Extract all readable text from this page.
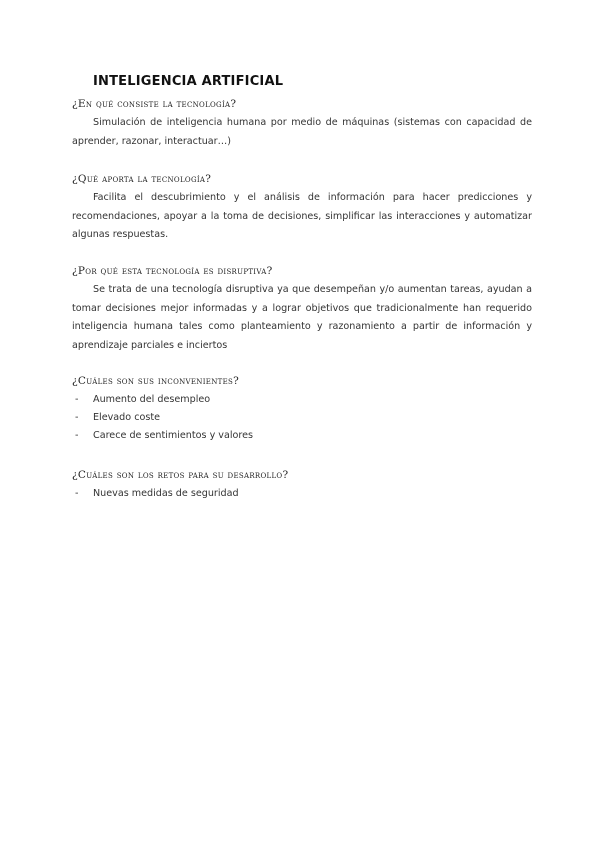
INTELIGENCIA ARTIFICIAL
¿En qué consiste la tecnología?

Simulación de inteligencia humana por medio de máquinas (sistemas con capacidad de aprender, razonar, interactuar…)

¿Qué aporta la tecnología?

Facilita el descubrimiento y el análisis de información para hacer predicciones y recomendaciones, apoyar a la toma de decisiones, simplificar las interacciones y automatizar algunas respuestas.

¿Por qué esta tecnología es disruptiva?

Se trata de una tecnología disruptiva ya que desempeñan y/o aumentan tareas, ayudan a tomar decisiones mejor informadas y a lograr objetivos que tradicionalmente han requerido inteligencia humana tales como planteamiento y razonamiento a partir de información y aprendizaje parciales e inciertos

¿Cuáles son sus inconvenientes?
- Aumento del desempleo
- Elevado coste
- Carece de sentimientos y valores
¿Cuáles son los retos para su desarrollo?
- Nuevas medidas de seguridad
